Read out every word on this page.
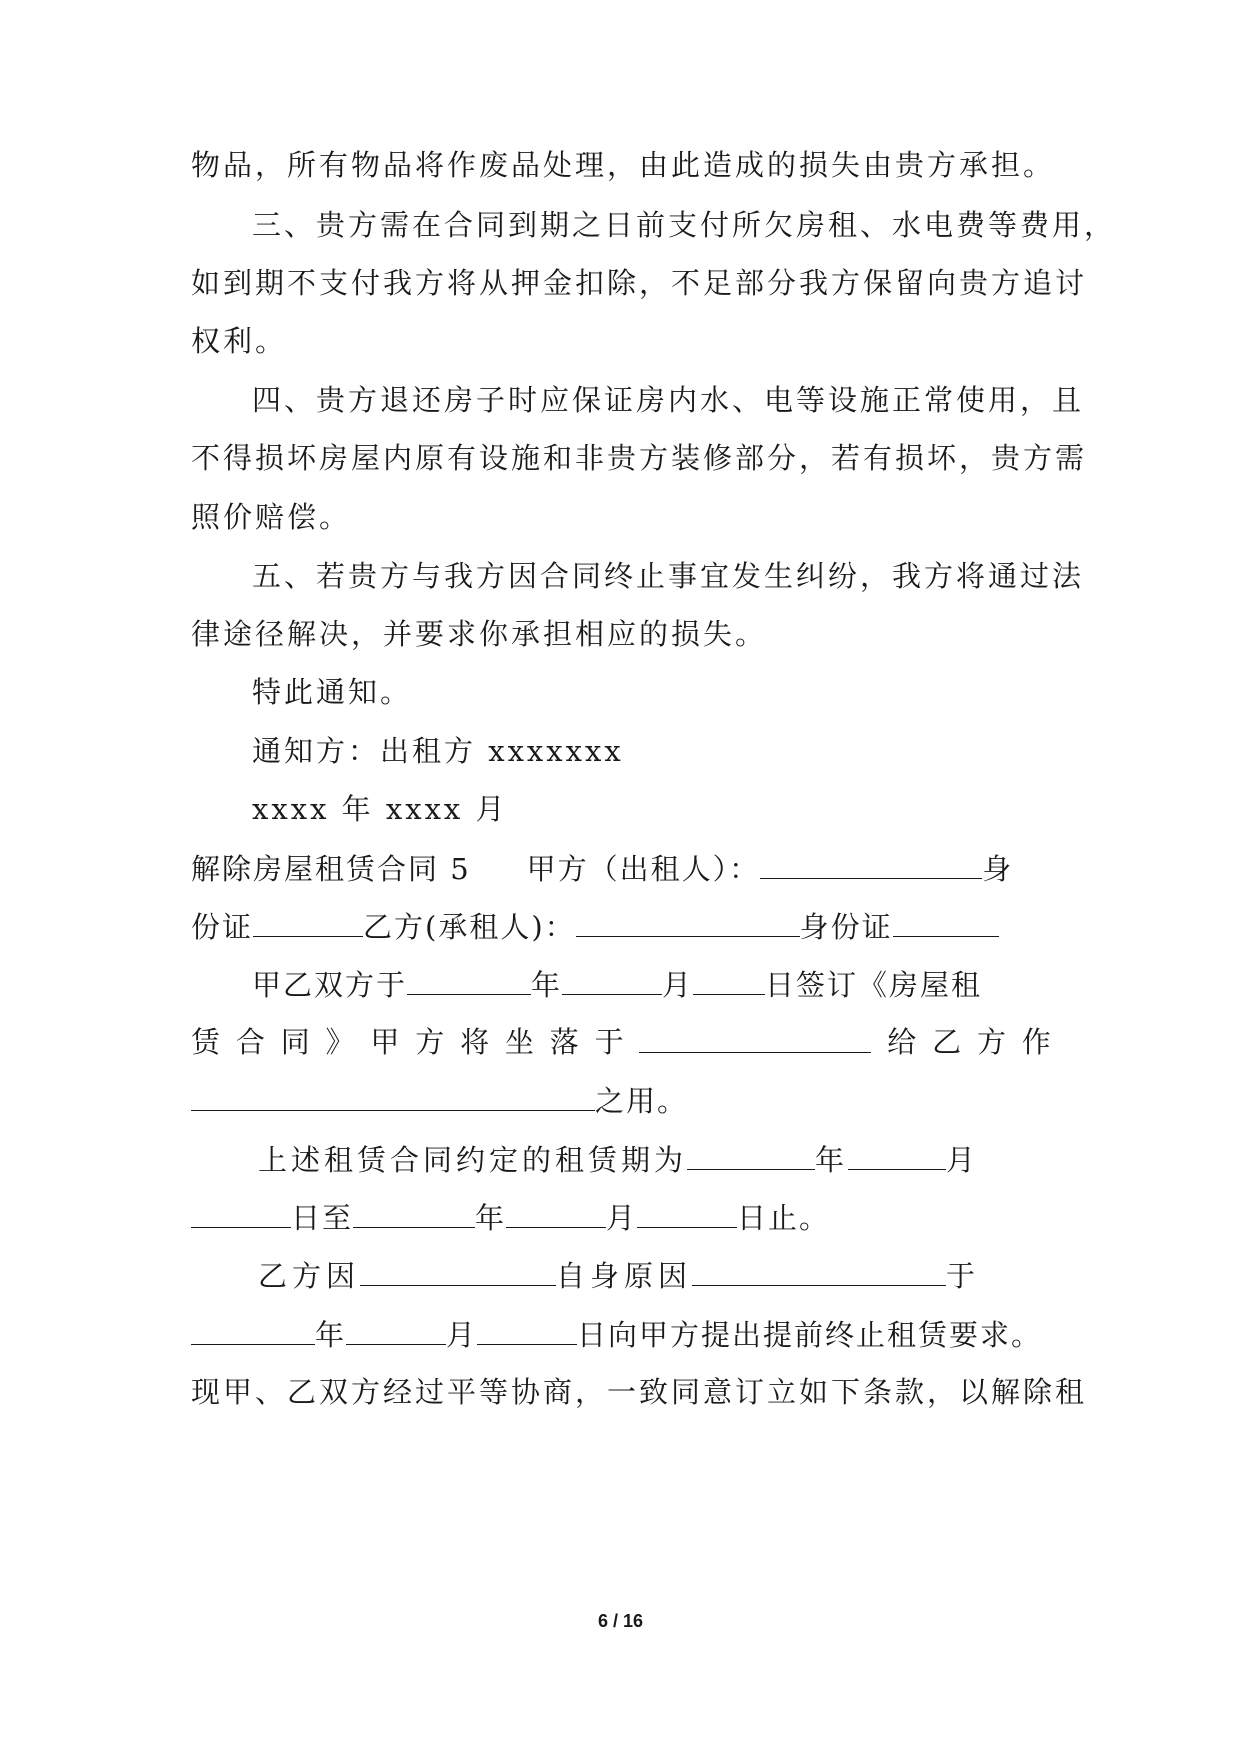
物品，所有物品将作废品处理，由此造成的损失由贵方承担。
三、贵方需在合同到期之日前支付所欠房租、水电费等费用，
如到期不支付我方将从押金扣除，不足部分我方保留向贵方追讨
权利。
四、贵方退还房子时应保证房内水、电等设施正常使用，且
不得损坏房屋内原有设施和非贵方装修部分，若有损坏，贵方需
照价赔偿。
五、若贵方与我方因合同终止事宜发生纠纷，我方将通过法
律途径解决，并要求你承担相应的损失。
特此通知。
通知方：出租方 xxxxxxx
xxxx 年 xxxx 月
解除房屋租赁合同 5 甲方（出租人）：	身
份证	乙方(承租人)：	身份证
甲乙双方于	年	月 日签订《房屋租
赁 合 同 》 甲 方 将 坐 落 于	给 乙 方 作
之用。
上述租赁合同约定的租赁期为	年	月
日至	年	月	日止。
乙方因	自身原因	于
年	月	日向甲方提出提前终止租赁要求。
现甲、乙双方经过平等协商，一致同意订立如下条款，以解除租
6 / 16
